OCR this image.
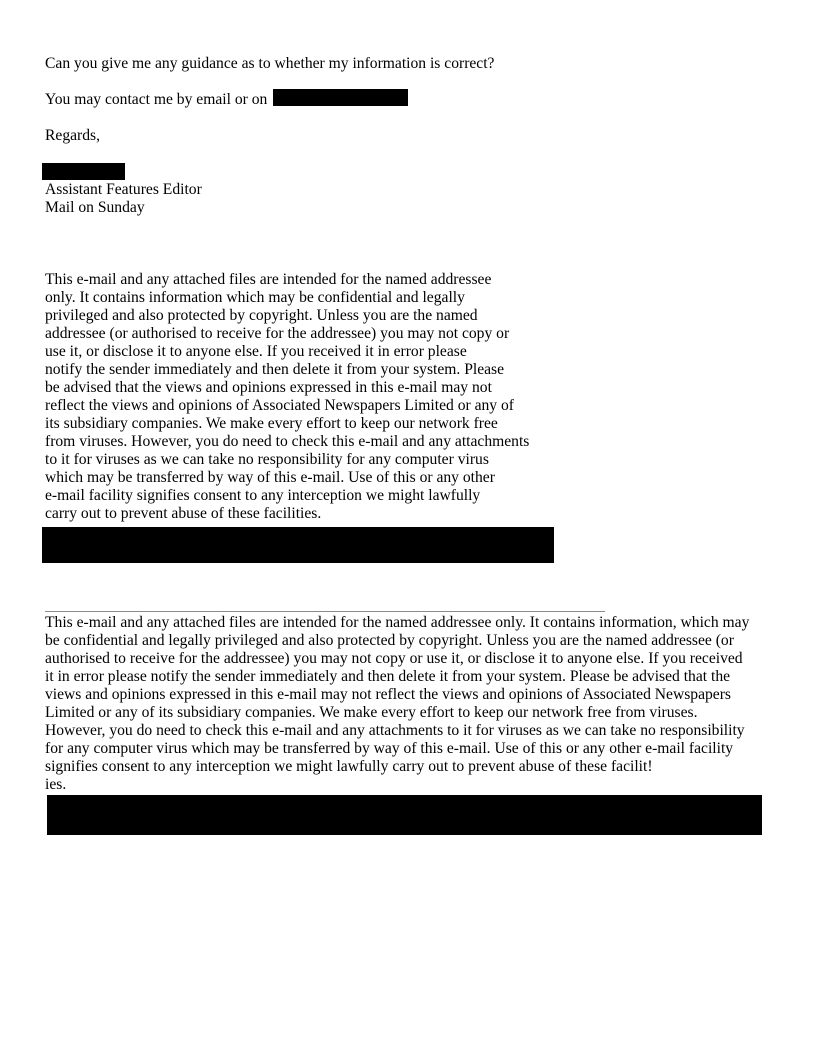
Can you give me any guidance as to whether my information is correct?

You may contact me by email or on

Regards,

Assistant Features Editor

Mail on Sunday

This e-mail and any attached files are intended for the named addressee
only. It contains information which may be confidential and legally
privileged and also protected by copyright. Unless you are the named
addressee (or authorised to receive for the addressee) you may not copy or
use it, or disclose it to anyone else. If you received it in error please
notify the sender immediately and then delete it from your system. Please
be advised that the views and opinions expressed in this e-mail may not
reflect the views and opinions of Associated Newspapers Limited or any of
its subsidiary companies. We make every effort to keep our network free
from viruses. However, you do need to check this e-mail and any attachments
to it for viruses as we can take no responsibility for any computer virus
which may be transferred by way of this e-mail. Use of this or any other
e-mail facility signifies consent to any interception we might lawfully
carry out to prevent abuse of these facilities.
This e-mail and any attached files are intended for the named addressee only. It contains information, which may
be confidential and legally privileged and also protected by copyright. Unless you are the named addressee (or
authorised to receive for the addressee) you may not copy or use it, or disclose it to anyone else. If you received
it in error please notify the sender immediately and then delete it from your system. Please be advised that the
views and opinions expressed in this e-mail may not reflect the views and opinions of Associated Newspapers
Limited or any of its subsidiary companies. We make every effort to keep our network free from viruses.
However, you do need to check this e-mail and any attachments to it for viruses as we can take no responsibility
for any computer virus which may be transferred by way of this e-mail. Use of this or any other e-mail facility
signifies consent to any interception we might lawfully carry out to prevent abuse of these facilit!
ies.
